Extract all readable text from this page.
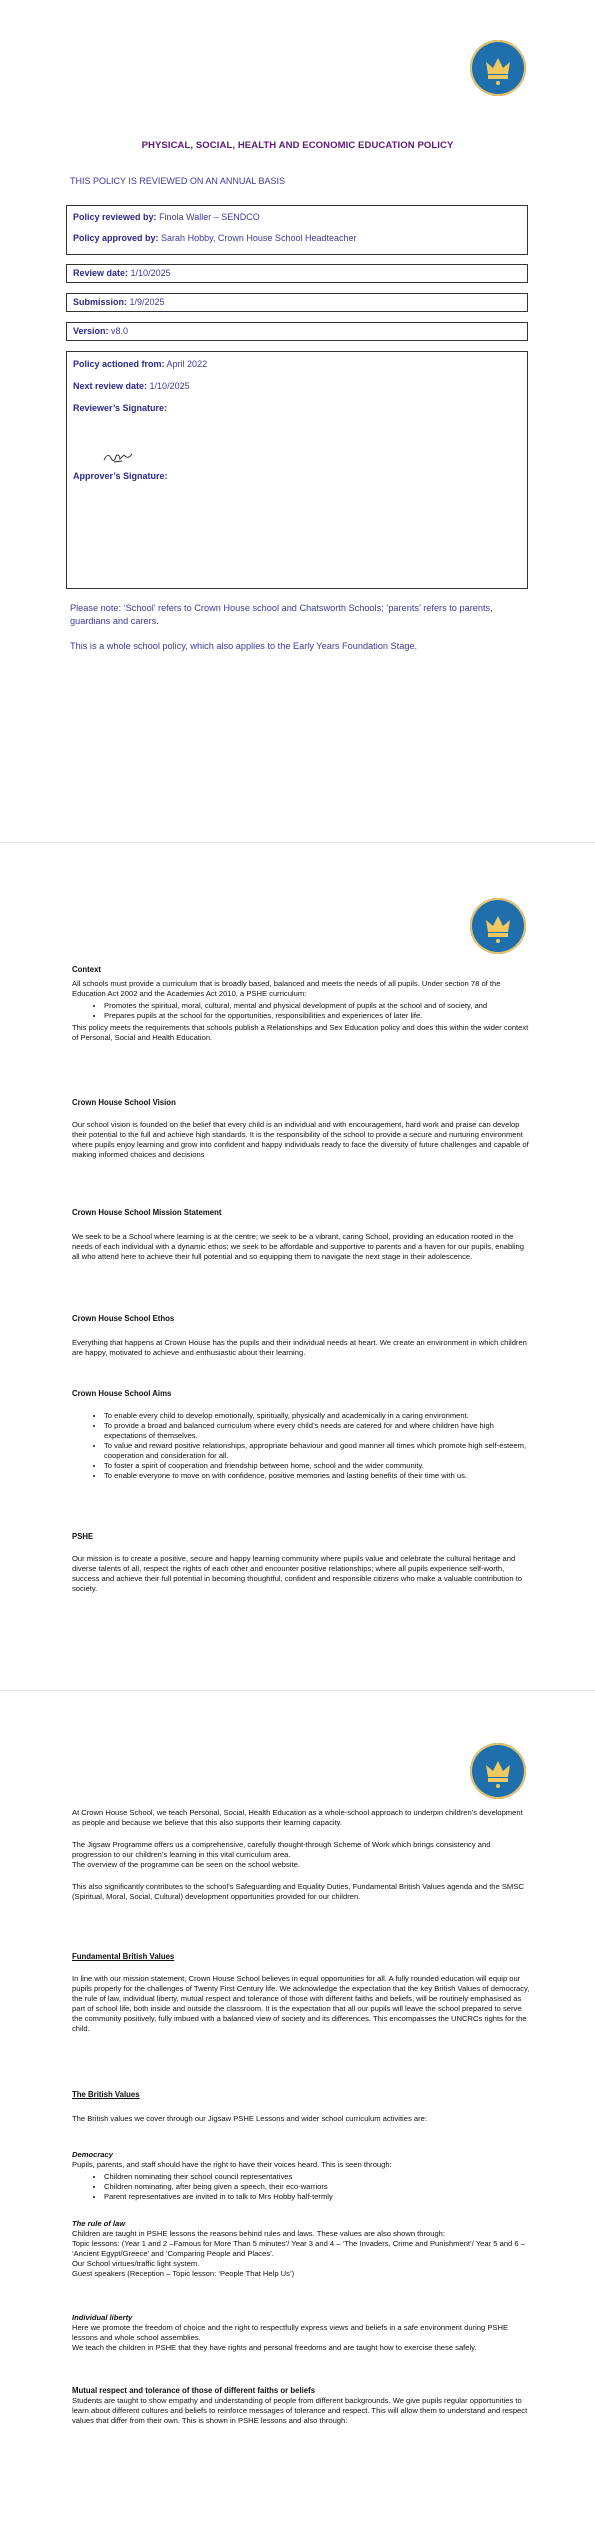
PHYSICAL, SOCIAL, HEALTH AND ECONOMIC EDUCATION POLICY
THIS POLICY IS REVIEWED ON AN ANNUAL BASIS
Policy reviewed by: Finola Waller – SENDCO
Policy approved by: Sarah Hobby, Crown House School Headteacher
Review date: 1/10/2025
Submission: 1/9/2025
Version: v8.0
Policy actioned from: April 2022
Next review date: 1/10/2025
Reviewer’s Signature:
Approver’s Signature:
Please note: ‘School’ refers to Crown House school and Chatsworth Schools; ‘parents’ refers to parents, guardians and carers.
This is a whole school policy, which also applies to the Early Years Foundation Stage.
Context

All schools must provide a curriculum that is broadly based, balanced and meets the needs of all pupils. Under section 78 of the Education Act 2002 and the Academies Act 2010, a PSHE curriculum:

• Promotes the spiritual, moral, cultural, mental and physical development of pupils at the school and of society, and
• Prepares pupils at the school for the opportunities, responsibilities and experiences of later life.

This policy meets the requirements that schools publish a Relationships and Sex Education policy and does this within the wider context of Personal, Social and Health Education.

Crown House School Vision

Our school vision is founded on the belief that every child is an individual and with encouragement, hard work and praise can develop their potential to the full and achieve high standards. It is the responsibility of the school to provide a secure and nurturing environment where pupils enjoy learning and grow into confident and happy individuals ready to face the diversity of future challenges and capable of making informed choices and decisions

Crown House School Mission Statement

We seek to be a School where learning is at the centre; we seek to be a vibrant, caring School, providing an education rooted in the needs of each individual with a dynamic ethos; we seek to be affordable and supportive to parents and a haven for our pupils, enabling all who attend here to achieve their full potential and so equipping them to navigate the next stage in their adolescence.

Crown House School Ethos

Everything that happens at Crown House has the pupils and their individual needs at heart. We create an environment in which children are happy, motivated to achieve and enthusiastic about their learning.

Crown House School Aims
• To enable every child to develop emotionally, spiritually, physically and academically in a caring environment.
• To provide a broad and balanced curriculum where every child’s needs are catered for and where children have high expectations of themselves.
• To value and reward positive relationships, appropriate behaviour and good manner all times which promote high self-esteem, cooperation and consideration for all.
• To foster a spirit of cooperation and friendship between home, school and the wider community.
• To enable everyone to move on with confidence, positive memories and lasting benefits of their time with us.
PSHE

Our mission is to create a positive, secure and happy learning community where pupils value and celebrate the cultural heritage and diverse talents of all, respect the rights of each other and encounter positive relationships; where all pupils experience self-worth, success and achieve their full potential in becoming thoughtful, confident and responsible citizens who make a valuable contribution to society.

At Crown House School, we teach Personal, Social, Health Education as a whole-school approach to underpin children’s development as people and because we believe that this also supports their learning capacity.

The Jigsaw Programme offers us a comprehensive, carefully thought-through Scheme of Work which brings consistency and progression to our children’s learning in this vital curriculum area.

The overview of the programme can be seen on the school website.

This also significantly contributes to the school’s Safeguarding and Equality Duties, Fundamental British Values agenda and the SMSC (Spiritual, Moral, Social, Cultural) development opportunities provided for our children.

Fundamental British Values

In line with our mission statement, Crown House School believes in equal opportunities for all. A fully rounded education will equip our pupils properly for the challenges of Twenty First Century life. We acknowledge the expectation that the key British Values of democracy, the rule of law, individual liberty, mutual respect and tolerance of those with different faiths and beliefs, will be routinely emphasised as part of school life, both inside and outside the classroom. It is the expectation that all our pupils will leave the school prepared to serve the community positively, fully imbued with a balanced view of society and its differences. This encompasses the UNCRCs rights for the child.

The British Values

The British values we cover through our Jigsaw PSHE Lessons and wider school curriculum activities are:

Democracy

Pupils, parents, and staff should have the right to have their voices heard. This is seen through:

• Children nominating their school council representatives
• Children nominating, after being given a speech, their eco-warriors
• Parent representatives are invited in to talk to Mrs Hobby half-termly

The rule of law

Children are taught in PSHE lessons the reasons behind rules and laws. These values are also shown through:

Topic lessons: (Year 1 and 2 –Famous for More Than 5 minutes’/ Year 3 and 4 – ‘The Invaders, Crime and Punishment’/ Year 5 and 6 – ‘Ancient Egypt/Greece’ and ‘Comparing People and Places’.

Our School virtues/traffic light system.

Guest speakers (Reception – Topic lesson: ‘People That Help Us’)

Individual liberty

Here we promote the freedom of choice and the right to respectfully express views and beliefs in a safe environment during PSHE lessons and whole school assemblies.

We teach the children in PSHE that they have rights and personal freedoms and are taught how to exercise these safely.

Mutual respect and tolerance of those of different faiths or beliefs

Students are taught to show empathy and understanding of people from different backgrounds. We give pupils regular opportunities to learn about different cultures and beliefs to reinforce messages of tolerance and respect. This will allow them to understand and respect values that differ from their own. This is shown in PSHE lessons and also through:
